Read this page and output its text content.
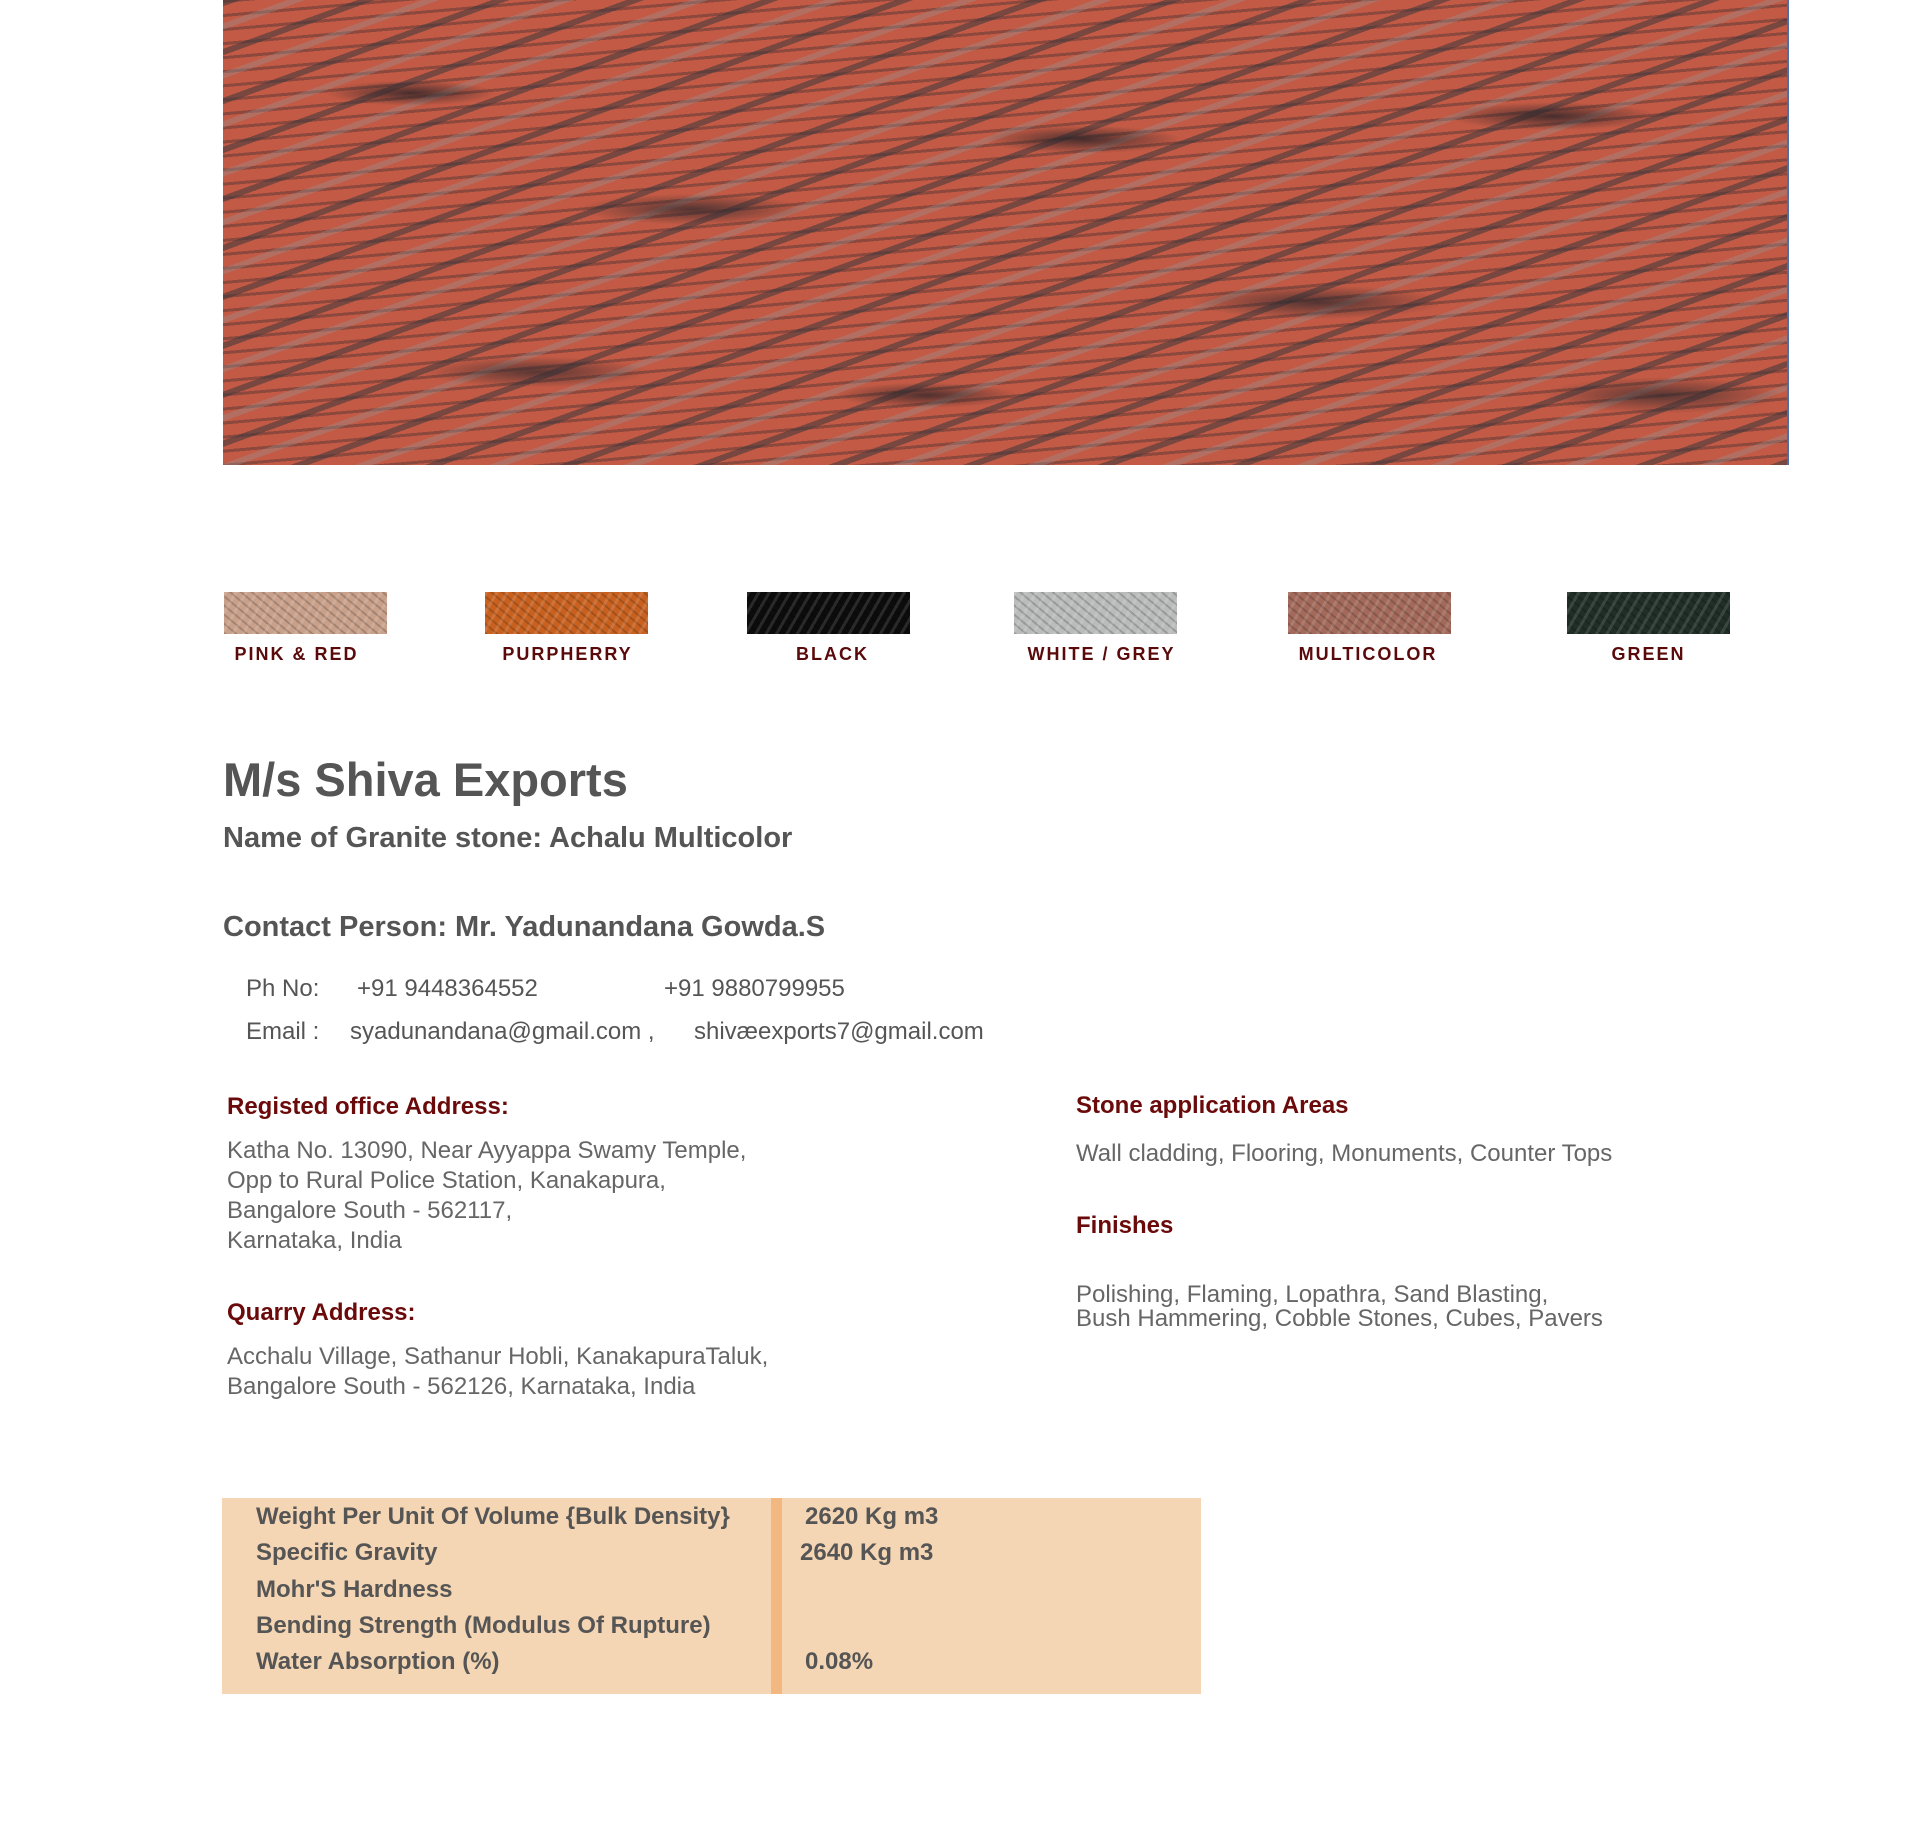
PINK & RED	PURPHERRY	BLACK	WHITE / GREY	MULTICOLOR	GREEN
M/s Shiva Exports
Name of Granite stone: Achalu Multicolor
Contact Person: Mr. Yadunandana Gowda.S
Ph No: +91 9448364552	+91 9880799955
Email : syadunandana@gmail.com , shivæexports7@gmail.com
Registed office Address:
Katha No. 13090, Near Ayyappa Swamy Temple,
Opp to Rural Police Station, Kanakapura,
Bangalore South - 562117,
Karnataka, India
Quarry Address:
Acchalu Village, Sathanur Hobli, KanakapuraTaluk,
Bangalore South - 562126, Karnataka, India
Stone application Areas
Wall cladding, Flooring, Monuments, Counter Tops
Finishes
Polishing, Flaming, Lopathra, Sand Blasting,
Bush Hammering, Cobble Stones, Cubes, Pavers
Weight Per Unit Of Volume {Bulk Density}	2620 Kg m3
Specific Gravity	2640 Kg m3
Mohr'S Hardness
Bending Strength (Modulus Of Rupture)
Water Absorption (%)	0.08%
